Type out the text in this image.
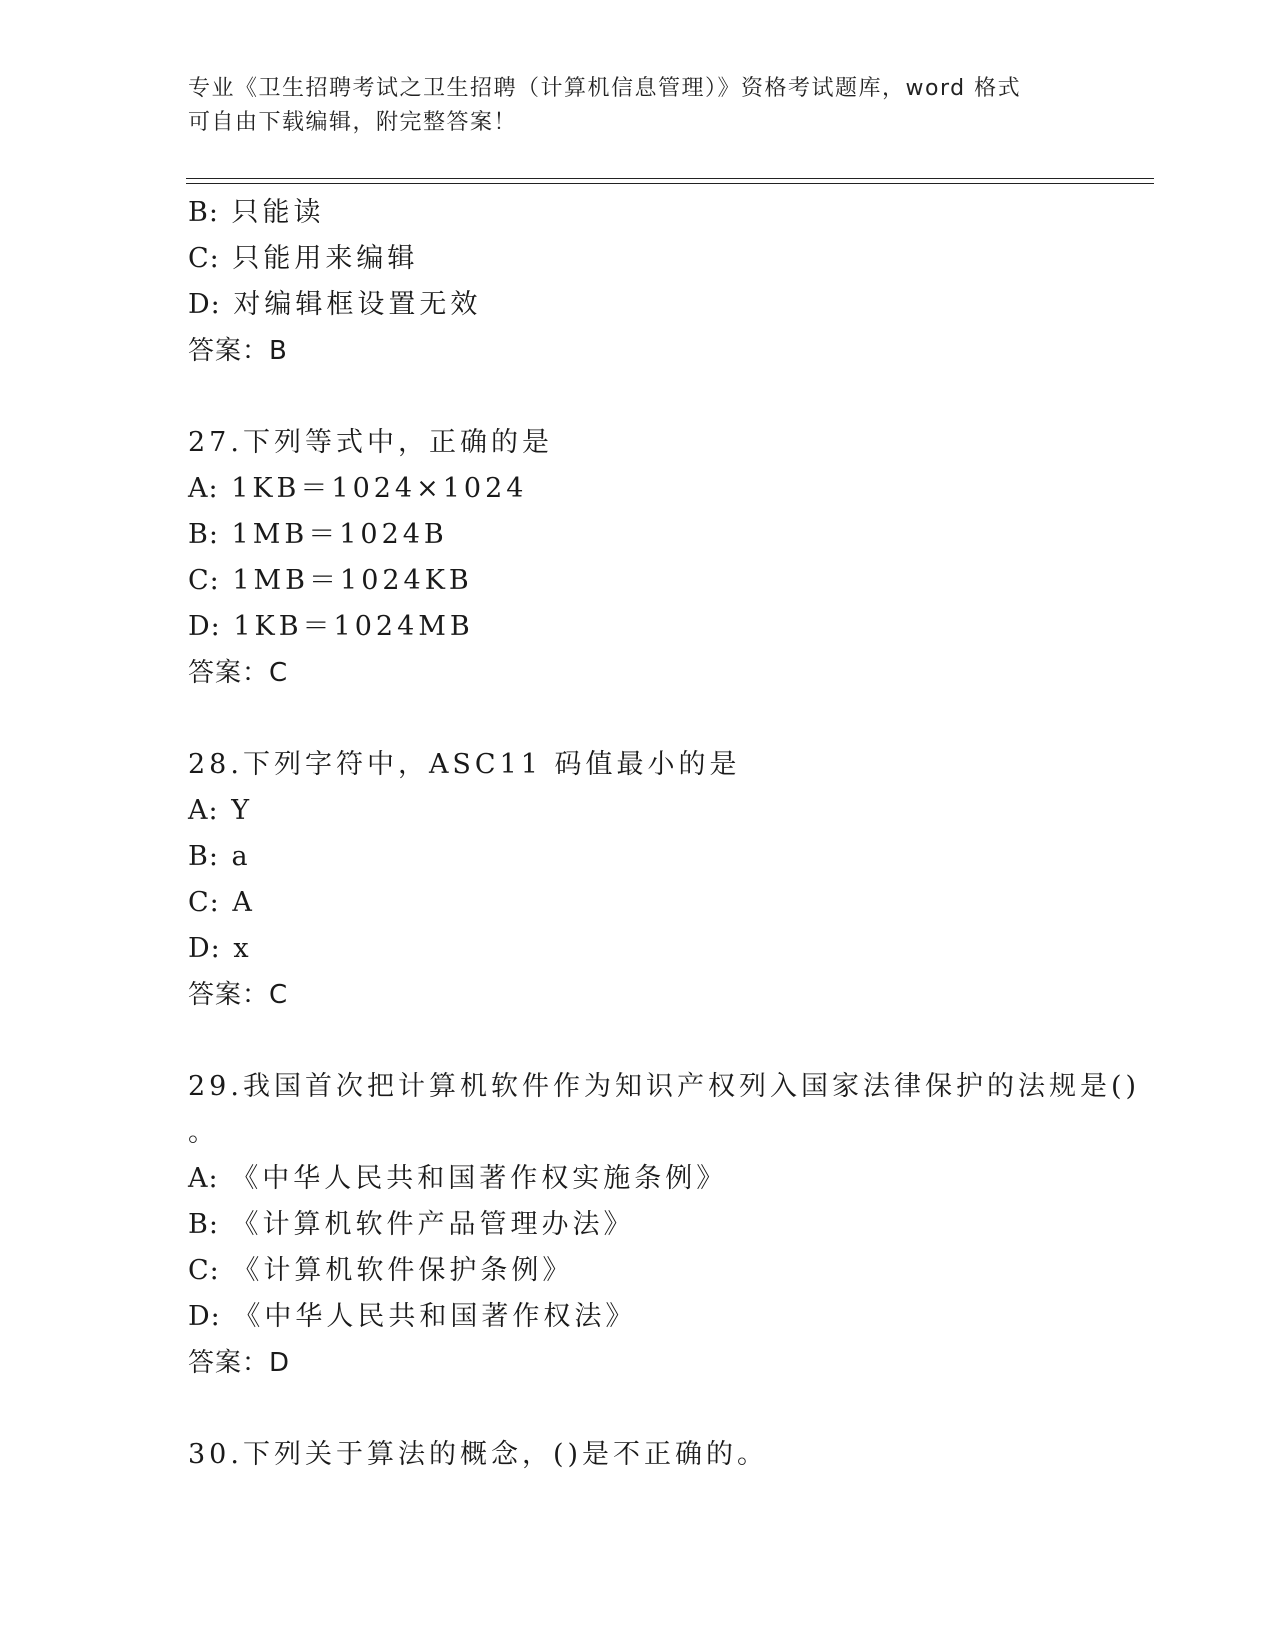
专业《卫生招聘考试之卫生招聘（计算机信息管理）》资格考试题库，word 格式
可自由下载编辑，附完整答案！
B: 只能读
C: 只能用来编辑
D: 对编辑框设置无效
答案：B
27.下列等式中，正确的是
A: 1KB＝1024×1024
B: 1MB＝1024B
C: 1MB＝1024KB
D: 1KB＝1024MB
答案：C
28.下列字符中，ASC11 码值最小的是
A: Y
B: a
C: A
D: x
答案：C
29.我国首次把计算机软件作为知识产权列入国家法律保护的法规是()
。
A: 《中华人民共和国著作权实施条例》
B: 《计算机软件产品管理办法》
C: 《计算机软件保护条例》
D: 《中华人民共和国著作权法》
答案：D
30.下列关于算法的概念，()是不正确的。
